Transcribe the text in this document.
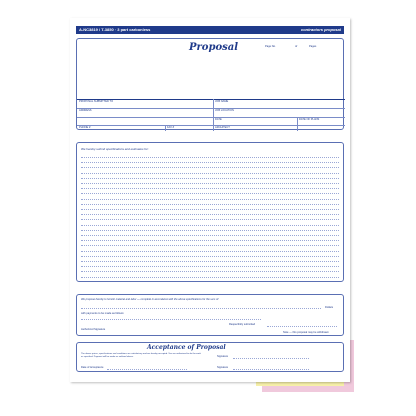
A-NC3819 / T-3850 · 3 part carbonless	contractors proposal
Proposal	Page No.	of	Pages
PROPOSAL SUBMITTED TO	JOB NAME
ADDRESS	JOB LOCATION
DATE	DATE OF PLANS
PHONE #	FAX #	ARCHITECT
We hereby submit specifications and estimates for:
We propose hereby to furnish material and labor — complete in accordance with the above specifications for the sum of:
Dollars
with payments to be made as follows:
Respectfully submitted
Authorized Signature
Note — this proposal may be withdrawn
Acceptance of Proposal
The above prices, specifications and conditions are satisfactory and are hereby accepted. You are authorized to do the work as specified. Payment will be made as outlined above.	Signature
Date of Acceptance	Signature
